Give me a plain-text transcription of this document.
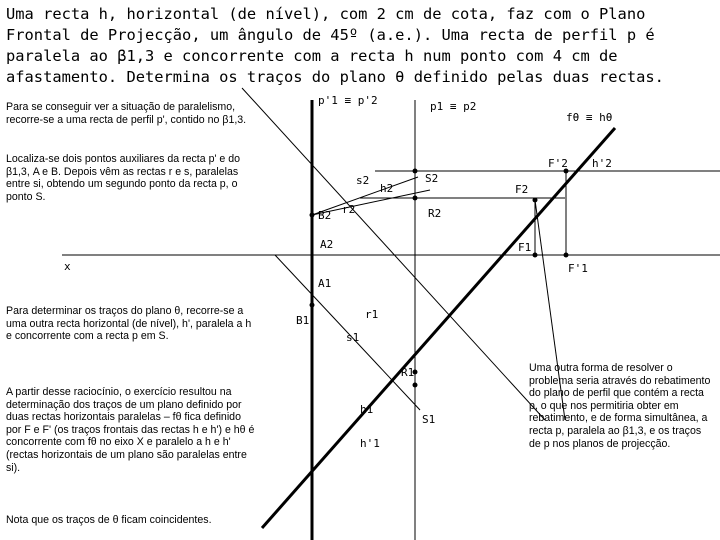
Uma recta h, horizontal (de nível), com 2 cm de cota, faz com o Plano Frontal de Projecção, um ângulo de 45º (a.e.). Uma recta de perfil p é paralela ao β1,3 e concorrente com a recta h num ponto com 4 cm de afastamento. Determina os traços do plano θ definido pelas duas rectas.
Para se conseguir ver a situação de paralelismo, recorre-se a uma recta de perfil p', contido no β1,3.
Localiza-se dois pontos auxiliares da recta p' e do β1,3, A e B. Depois vêm as rectas r e s, paralelas entre si, obtendo um segundo ponto da recta p, o ponto S.
Para determinar os traços do plano θ, recorre-se a uma outra recta horizontal (de nível), h', paralela a h e concorrente com a recta p em S.
A partir desse raciocínio, o exercício resultou na determinação dos traços de um plano definido por duas rectas horizontais paralelas – fθ fica definido por F e F' (os traços frontais das rectas h e h') e hθ é concorrente com fθ no eixo X e paralelo a h e h' (rectas horizontais de um plano são paralelas entre si).
Nota que os traços de θ ficam coincidentes.
Uma outra forma de resolver o problema seria através do rebatimento do plano de perfil que contém a recta p, o que nos permitiria obter em rebatimento, e de forma simultânea, a recta p, paralela ao β1,3, e os traços de p nos planos de projecção.
p'1 ≡ p'2	p1 ≡ p2
fθ ≡ hθ
F'2 h'2
s2
h2
S2
F2
B2 r2	R2
A2	F1
x	F'1
A1
B1	r1
s1
R1
h1
S1
h'1
